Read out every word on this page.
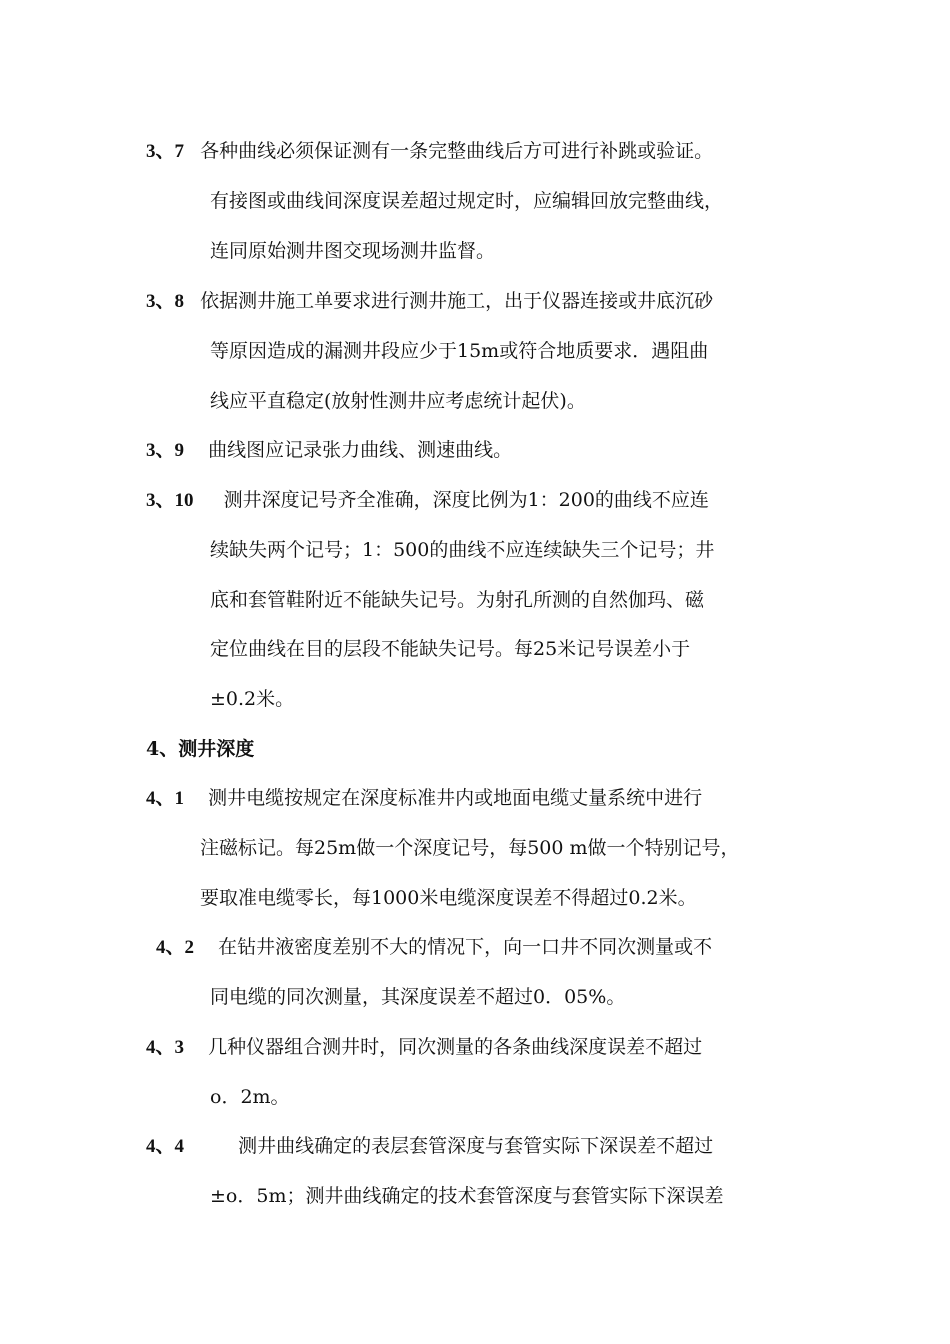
3、7 各种曲线必须保证测有一条完整曲线后方可进行补跳或验证。
有接图或曲线间深度误差超过规定时，应编辑回放完整曲线，
连同原始测井图交现场测井监督。
3、8 依据测井施工单要求进行测井施工，出于仪器连接或井底沉砂
等原因造成的漏测井段应少于15m或符合地质要求．遇阻曲
线应平直稳定(放射性测井应考虑统计起伏)。
3、9 曲线图应记录张力曲线、测速曲线。
3、10 测井深度记号齐全准确，深度比例为1：200的曲线不应连
续缺失两个记号；1：500的曲线不应连续缺失三个记号；井
底和套管鞋附近不能缺失记号。为射孔所测的自然伽玛、磁
定位曲线在目的层段不能缺失记号。每25米记号误差小于
±0.2米。
4、测井深度
4、1 测井电缆按规定在深度标准井内或地面电缆丈量系统中进行
注磁标记。每25m做一个深度记号，每500 m做一个特别记号，
要取准电缆零长，每1000米电缆深度误差不得超过0.2米。
4、2 在钻井液密度差别不大的情况下，向一口井不同次测量或不
同电缆的同次测量，其深度误差不超过0．05%。
4、3 几种仪器组合测井时，同次测量的各条曲线深度误差不超过
o．2m。
4、4	测井曲线确定的表层套管深度与套管实际下深误差不超过
±o．5m；测井曲线确定的技术套管深度与套管实际下深误差
